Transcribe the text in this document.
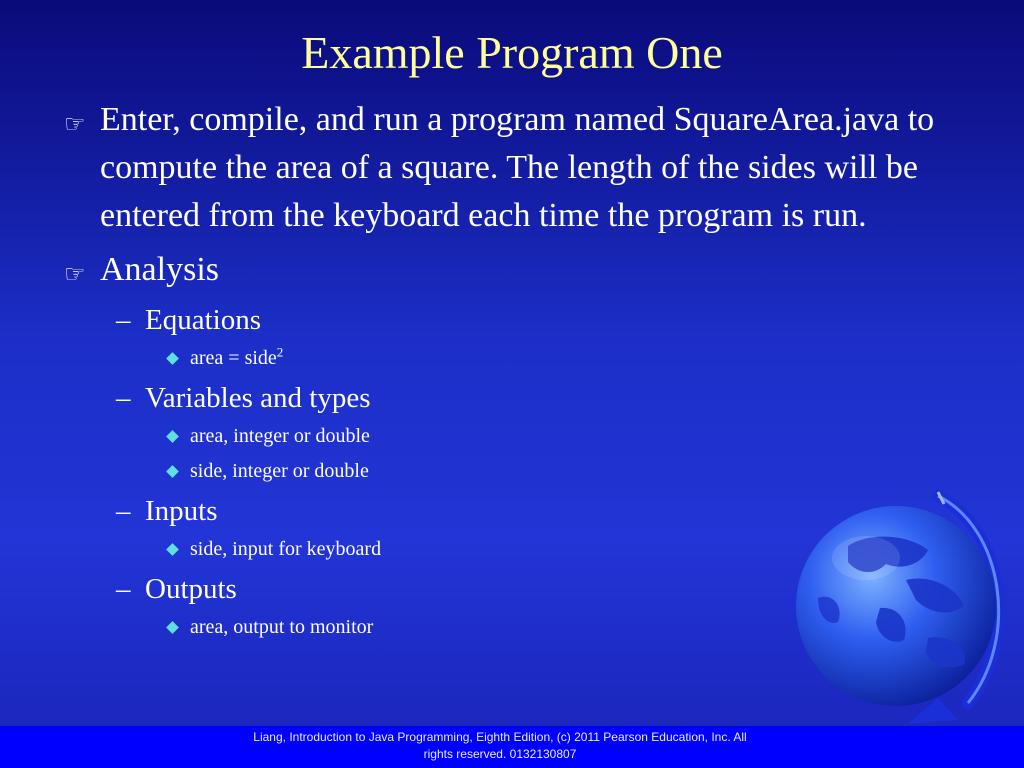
Example Program One
☞ Enter, compile, and run a program named SquareArea.java to compute the area of a square. The length of the sides will be entered from the keyboard each time the program is run.
☞ Analysis
– Equations
area = side$^2$
– Variables and types
area, integer or double
side, integer or double
– Inputs
side, input for keyboard
– Outputs
area, output to monitor
Liang, Introduction to Java Programming, Eighth Edition, (c) 2011 Pearson Education, Inc. All
rights reserved. 0132130807
